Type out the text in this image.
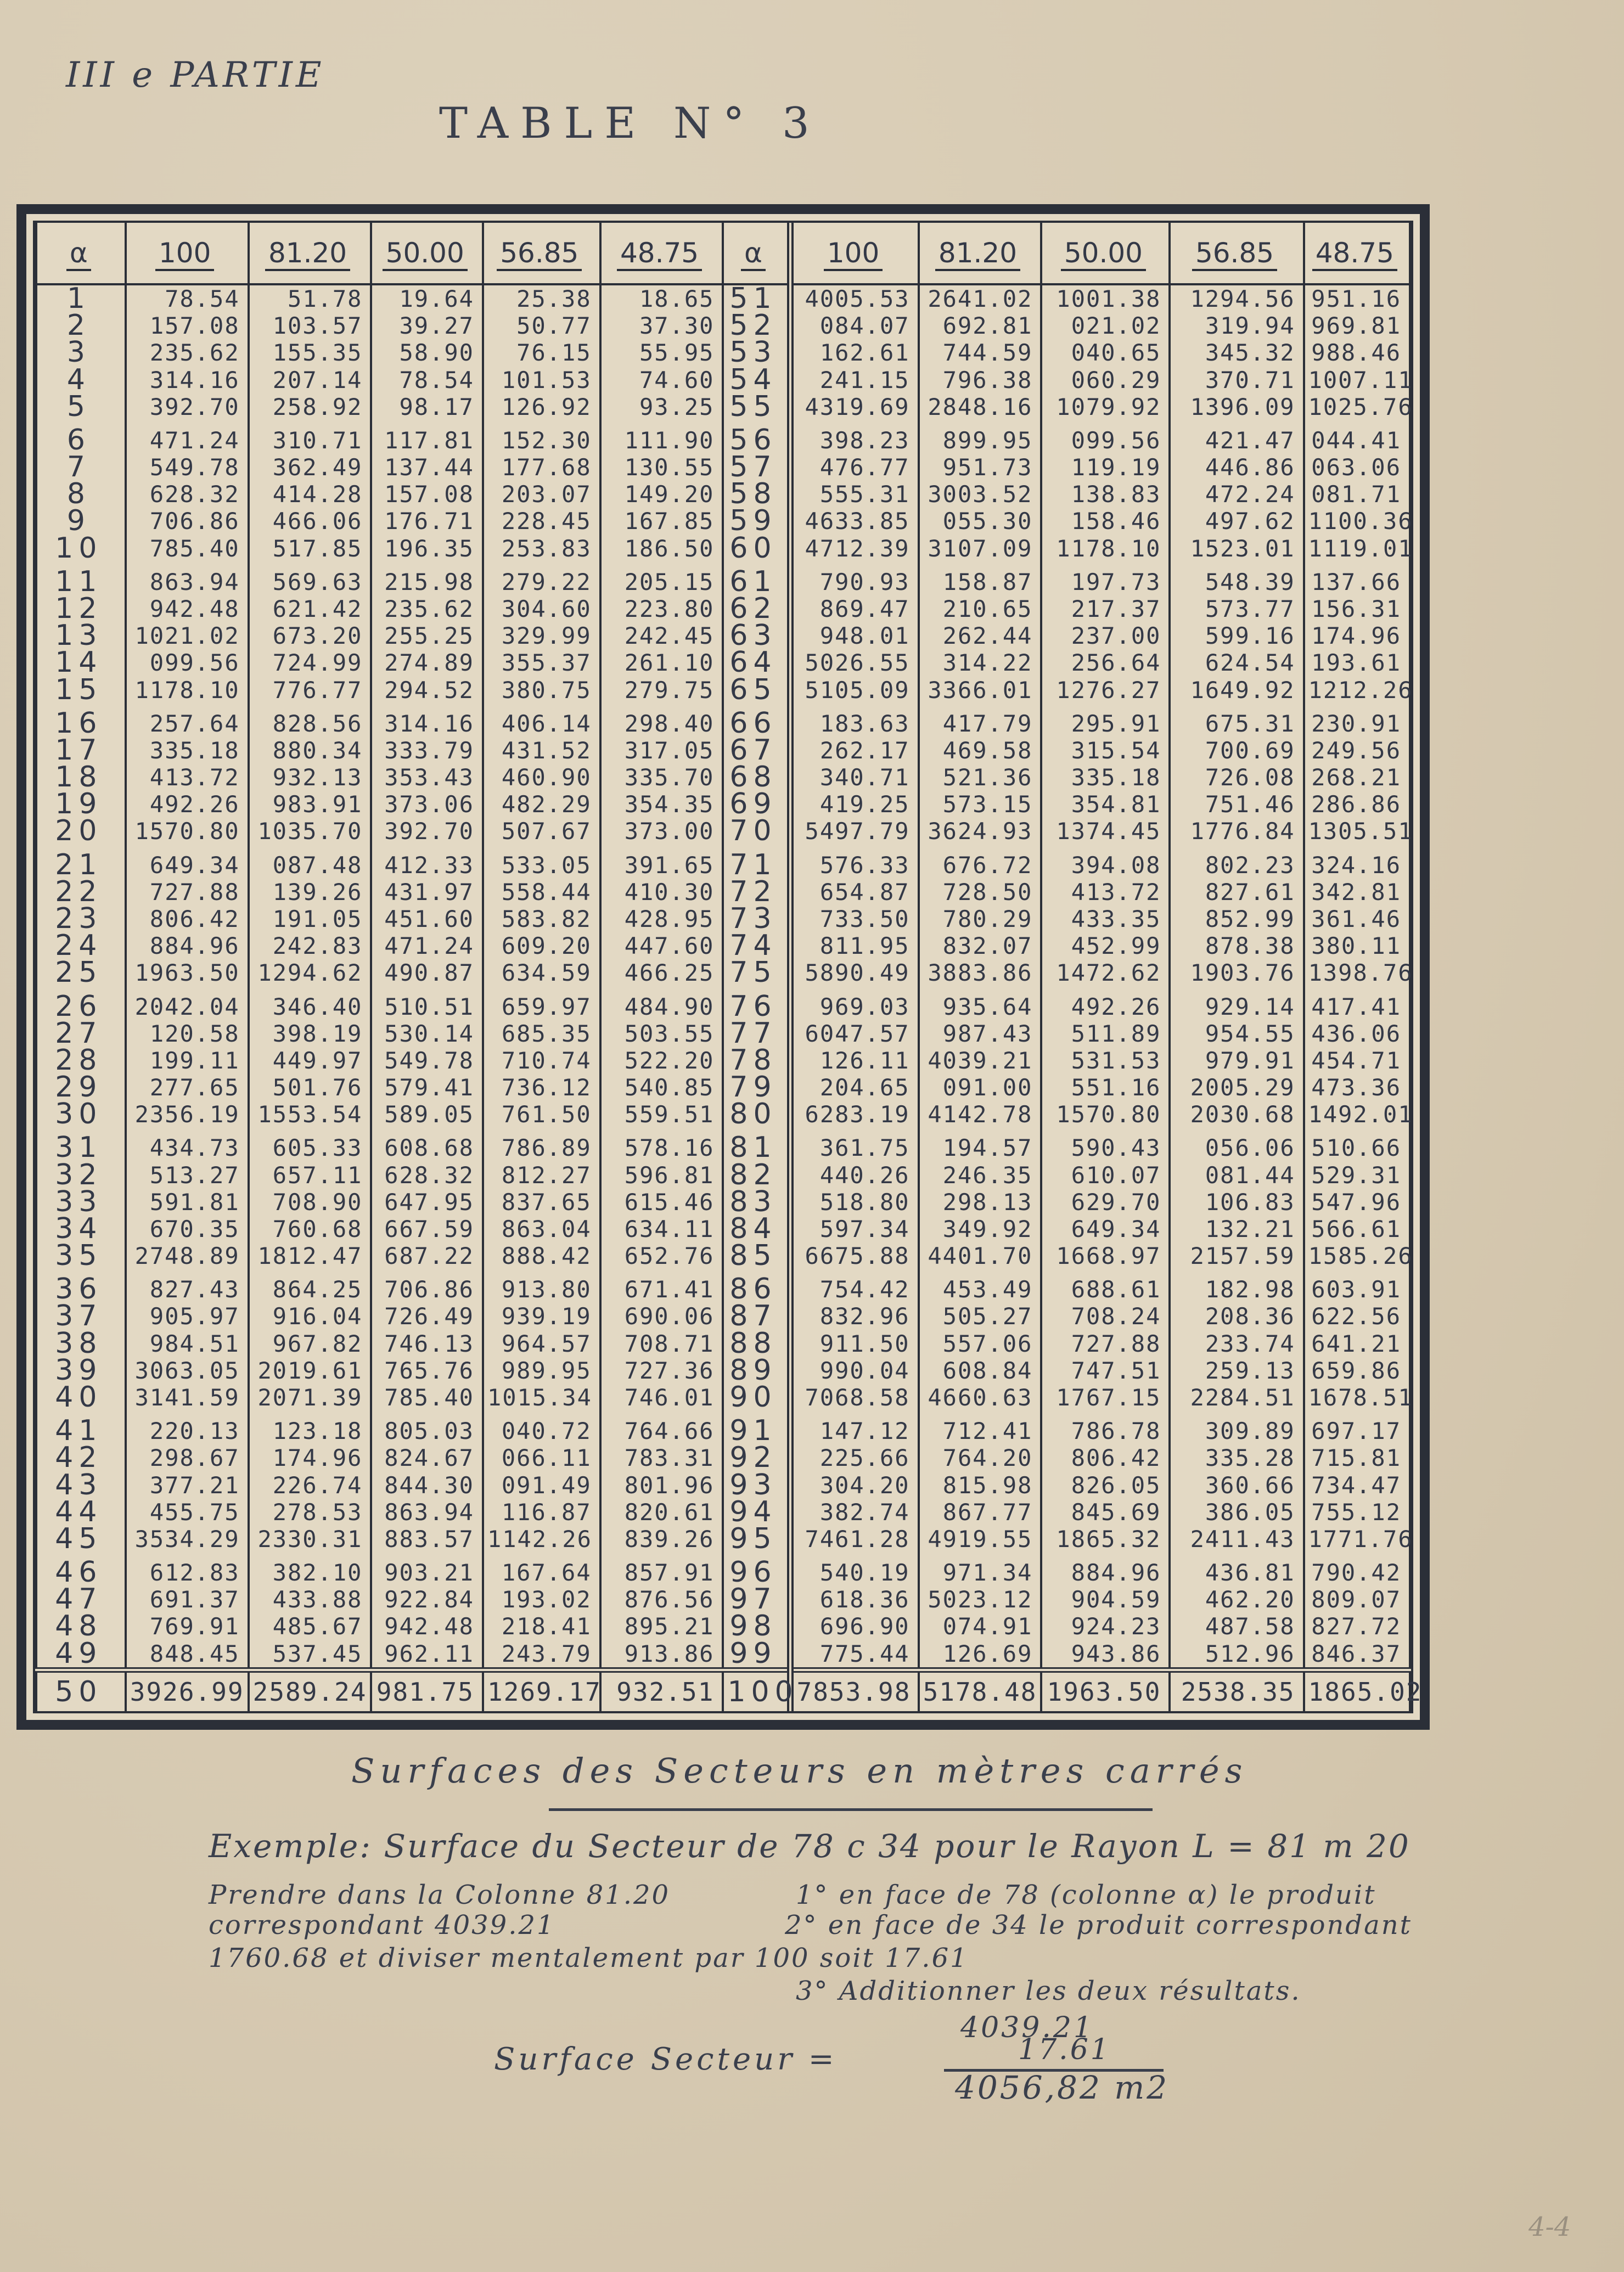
III e PARTIE
TABLE N° 3
α	100	81.20	50.00	56.85	48.75	α	100	81.20	50.00	56.85	48.75
1	78.54	51.78	19.64	25.38	18.65	51	4005.53	2641.02	1001.38	1294.56	951.16
2	157.08	103.57	39.27	50.77	37.30	52	084.07	692.81	021.02	319.94	969.81
3	235.62	155.35	58.90	76.15	55.95	53	162.61	744.59	040.65	345.32	988.46
4	314.16	207.14	78.54	101.53	74.60	54	241.15	796.38	060.29	370.71	1007.11
5	392.70	258.92	98.17	126.92	93.25	55	4319.69	2848.16	1079.92	1396.09	1025.76
6	471.24	310.71	117.81	152.30	111.90	56	398.23	899.95	099.56	421.47	044.41
7	549.78	362.49	137.44	177.68	130.55	57	476.77	951.73	119.19	446.86	063.06
8	628.32	414.28	157.08	203.07	149.20	58	555.31	3003.52	138.83	472.24	081.71
9	706.86	466.06	176.71	228.45	167.85	59	4633.85	055.30	158.46	497.62	1100.36
10	785.40	517.85	196.35	253.83	186.50	60	4712.39	3107.09	1178.10	1523.01	1119.01
11	863.94	569.63	215.98	279.22	205.15	61	790.93	158.87	197.73	548.39	137.66
12	942.48	621.42	235.62	304.60	223.80	62	869.47	210.65	217.37	573.77	156.31
13	1021.02	673.20	255.25	329.99	242.45	63	948.01	262.44	237.00	599.16	174.96
14	099.56	724.99	274.89	355.37	261.10	64	5026.55	314.22	256.64	624.54	193.61
15	1178.10	776.77	294.52	380.75	279.75	65	5105.09	3366.01	1276.27	1649.92	1212.26
16	257.64	828.56	314.16	406.14	298.40	66	183.63	417.79	295.91	675.31	230.91
17	335.18	880.34	333.79	431.52	317.05	67	262.17	469.58	315.54	700.69	249.56
18	413.72	932.13	353.43	460.90	335.70	68	340.71	521.36	335.18	726.08	268.21
19	492.26	983.91	373.06	482.29	354.35	69	419.25	573.15	354.81	751.46	286.86
20	1570.80	1035.70	392.70	507.67	373.00	70	5497.79	3624.93	1374.45	1776.84	1305.51
21	649.34	087.48	412.33	533.05	391.65	71	576.33	676.72	394.08	802.23	324.16
22	727.88	139.26	431.97	558.44	410.30	72	654.87	728.50	413.72	827.61	342.81
23	806.42	191.05	451.60	583.82	428.95	73	733.50	780.29	433.35	852.99	361.46
24	884.96	242.83	471.24	609.20	447.60	74	811.95	832.07	452.99	878.38	380.11
25	1963.50	1294.62	490.87	634.59	466.25	75	5890.49	3883.86	1472.62	1903.76	1398.76
26	2042.04	346.40	510.51	659.97	484.90	76	969.03	935.64	492.26	929.14	417.41
27	120.58	398.19	530.14	685.35	503.55	77	6047.57	987.43	511.89	954.55	436.06
28	199.11	449.97	549.78	710.74	522.20	78	126.11	4039.21	531.53	979.91	454.71
29	277.65	501.76	579.41	736.12	540.85	79	204.65	091.00	551.16	2005.29	473.36
30	2356.19	1553.54	589.05	761.50	559.51	80	6283.19	4142.78	1570.80	2030.68	1492.01
31	434.73	605.33	608.68	786.89	578.16	81	361.75	194.57	590.43	056.06	510.66
32	513.27	657.11	628.32	812.27	596.81	82	440.26	246.35	610.07	081.44	529.31
33	591.81	708.90	647.95	837.65	615.46	83	518.80	298.13	629.70	106.83	547.96
34	670.35	760.68	667.59	863.04	634.11	84	597.34	349.92	649.34	132.21	566.61
35	2748.89	1812.47	687.22	888.42	652.76	85	6675.88	4401.70	1668.97	2157.59	1585.26
36	827.43	864.25	706.86	913.80	671.41	86	754.42	453.49	688.61	182.98	603.91
37	905.97	916.04	726.49	939.19	690.06	87	832.96	505.27	708.24	208.36	622.56
38	984.51	967.82	746.13	964.57	708.71	88	911.50	557.06	727.88	233.74	641.21
39	3063.05	2019.61	765.76	989.95	727.36	89	990.04	608.84	747.51	259.13	659.86
40	3141.59	2071.39	785.40	1015.34	746.01	90	7068.58	4660.63	1767.15	2284.51	1678.51
41	220.13	123.18	805.03	040.72	764.66	91	147.12	712.41	786.78	309.89	697.17
42	298.67	174.96	824.67	066.11	783.31	92	225.66	764.20	806.42	335.28	715.81
43	377.21	226.74	844.30	091.49	801.96	93	304.20	815.98	826.05	360.66	734.47
44	455.75	278.53	863.94	116.87	820.61	94	382.74	867.77	845.69	386.05	755.12
45	3534.29	2330.31	883.57	1142.26	839.26	95	7461.28	4919.55	1865.32	2411.43	1771.76
46	612.83	382.10	903.21	167.64	857.91	96	540.19	971.34	884.96	436.81	790.42
47	691.37	433.88	922.84	193.02	876.56	97	618.36	5023.12	904.59	462.20	809.07
48	769.91	485.67	942.48	218.41	895.21	98	696.90	074.91	924.23	487.58	827.72
49	848.45	537.45	962.11	243.79	913.86	99	775.44	126.69	943.86	512.96	846.37
50	3926.99	2589.24	981.75	1269.17	932.51	100	7853.98	5178.48	1963.50	2538.35	1865.02
Surfaces des Secteurs en mètres carrés
Exemple: Surface du Secteur de 78 c 34 pour le Rayon L = 81 m 20
Prendre dans la Colonne 81.20	1° en face de 78 (colonne α) le produit
correspondant 4039.21	2° en face de 34 le produit correspondant
1760.68 et diviser mentalement par 100 soit 17.61
3° Additionner les deux résultats.
Surface Secteur =
4039.21
17.61
4056,82 m2
4-4
